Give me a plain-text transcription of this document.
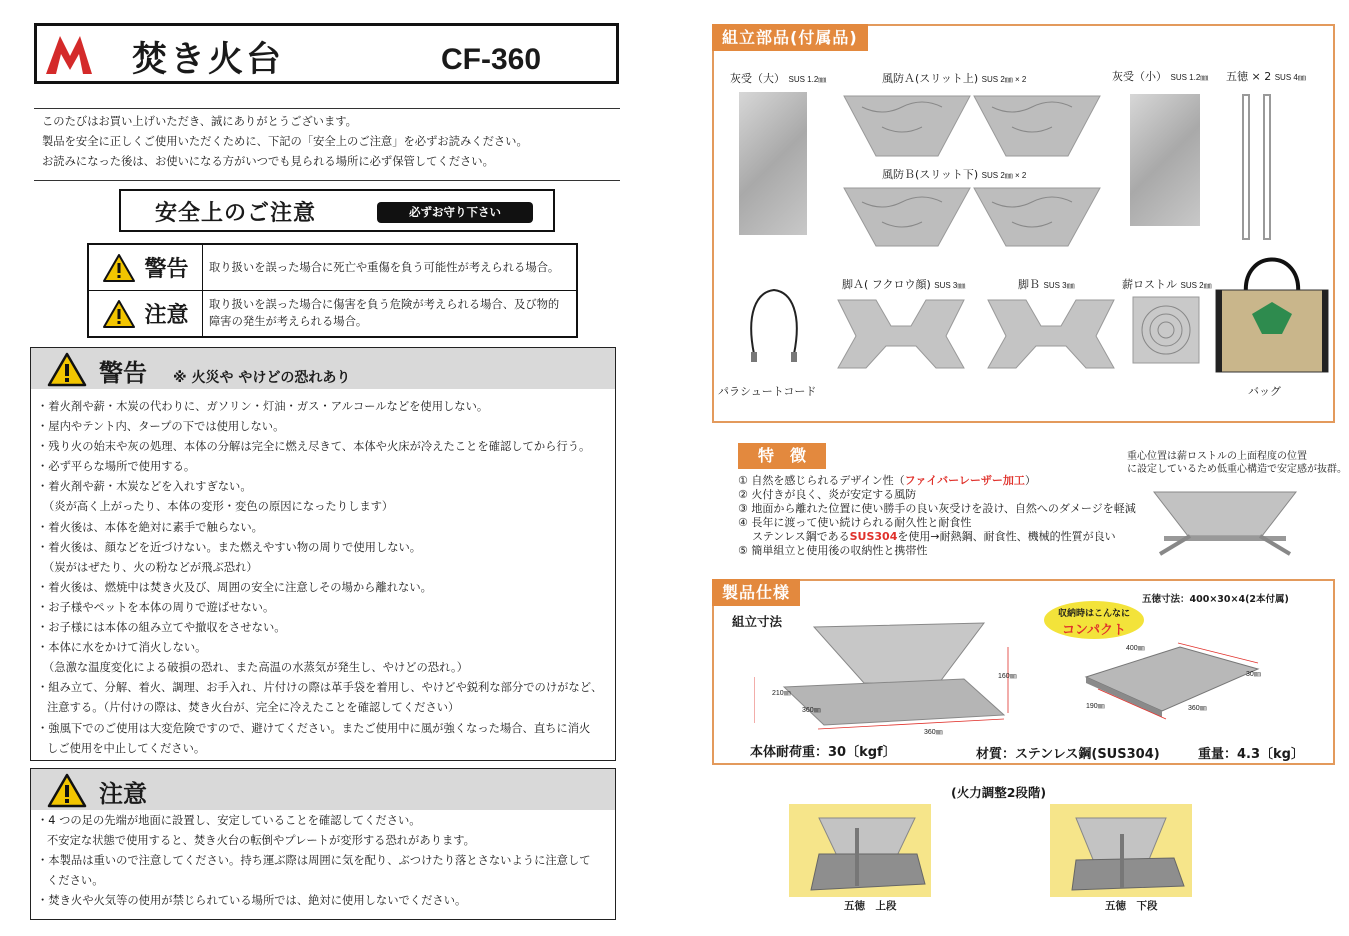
Creative 焚き火台	CF-360
このたびはお買い上げいただき、誠にありがとうございます。
製品を安全に正しくご使用いただくために、下記の「安全上のご注意」を必ずお読みください。
お読みになった後は、お使いになる方がいつでも見られる場所に必ず保管してください。
安全上のご注意	必ずお守り下さい
警告 取り扱いを誤った場合に死亡や重傷を負う可能性が考えられる場合。
注意 取り扱いを誤った場合に傷害を負う危険が考えられる場合、及び物的
障害の発生が考えられる場合。
警告 ※ 火災や やけどの恐れあり
・着火剤や薪・木炭の代わりに、ガソリン・灯油・ガス・アルコールなどを使用しない。
・屋内やテント内、タープの下では使用しない。
・残り火の始末や灰の処理、本体の分解は完全に燃え尽きて、本体や火床が冷えたことを確認してから行う。
・必ず平らな場所で使用する。
・着火剤や薪・木炭などを入れすぎない。
（炎が高く上がったり、本体の変形・変色の原因になったりします）
・着火後は、本体を絶対に素手で触らない。
・着火後は、顔などを近づけない。また燃えやすい物の周りで使用しない。
（炭がはぜたり、火の粉などが飛ぶ恐れ）
・着火後は、燃焼中は焚き火及び、周囲の安全に注意しその場から離れない。
・お子様やペットを本体の周りで遊ばせない。
・お子様には本体の組み立てや撤収をさせない。
・本体に水をかけて消火しない。
（急激な温度変化による破損の恐れ、また高温の水蒸気が発生し、やけどの恐れ。）
・組み立て、分解、着火、調理、お手入れ、片付けの際は革手袋を着用し、やけどや鋭利な部分でのけがなど、
注意する。（片付けの際は、焚き火台が、完全に冷えたことを確認してください）
・強風下でのご使用は大変危険ですので、避けてください。またご使用中に風が強くなった場合、直ちに消火
しご使用を中止してください。
注意
・4 つの足の先端が地面に設置し、安定していることを確認してください。
不安定な状態で使用すると、焚き火台の転倒やプレートが変形する恐れがあります。
・本製品は重いので注意してください。持ち運ぶ際は周囲に気を配り、ぶつけたり落とさないように注意して
ください。
・焚き火や火気等の使用が禁じられている場所では、絶対に使用しないでください。
組立部品(付属品)
灰受（大） SUS 1.2㎜	風防Ａ(スリット上) SUS 2㎜ × 2
風防Ｂ(スリット下) SUS 2㎜ × 2
灰受（小） SUS 1.2㎜ 五徳 × 2 SUS 4㎜
パラシュートコード
脚Ａ( フクロウ顔) SUS 3㎜	脚Ｂ SUS 3㎜	薪ロストル SUS 2㎜
バッグ
特　徴	重心位置は薪ロストルの上面程度の位置
に設定しているため低重心構造で安定感が抜群。
① 自然を感じられるデザイン性（ファイバーレーザー加工）
② 火付きが良く、炎が安定する風防
③ 地面から離れた位置に使い勝手の良い灰受けを設け、自然へのダメージを軽減
④ 長年に渡って使い続けられる耐久性と耐食性
ステンレス鋼であるSUS304を使用→耐熱鋼、耐食性、機械的性質が良い
⑤ 簡単組立と使用後の収納性と携帯性
製品仕様
組立寸法
五徳寸法：400×30×4(2本付属)
収納時はこんなに
コンパクト
210㎜
360㎜
360㎜
160㎜
400㎜
30㎜
190㎜	360㎜
本体耐荷重：30〔kgf〕	材質：ステンレス鋼(SUS304)	重量：4.3〔kg〕
(火力調整2段階)
五徳　上段	五徳　下段
